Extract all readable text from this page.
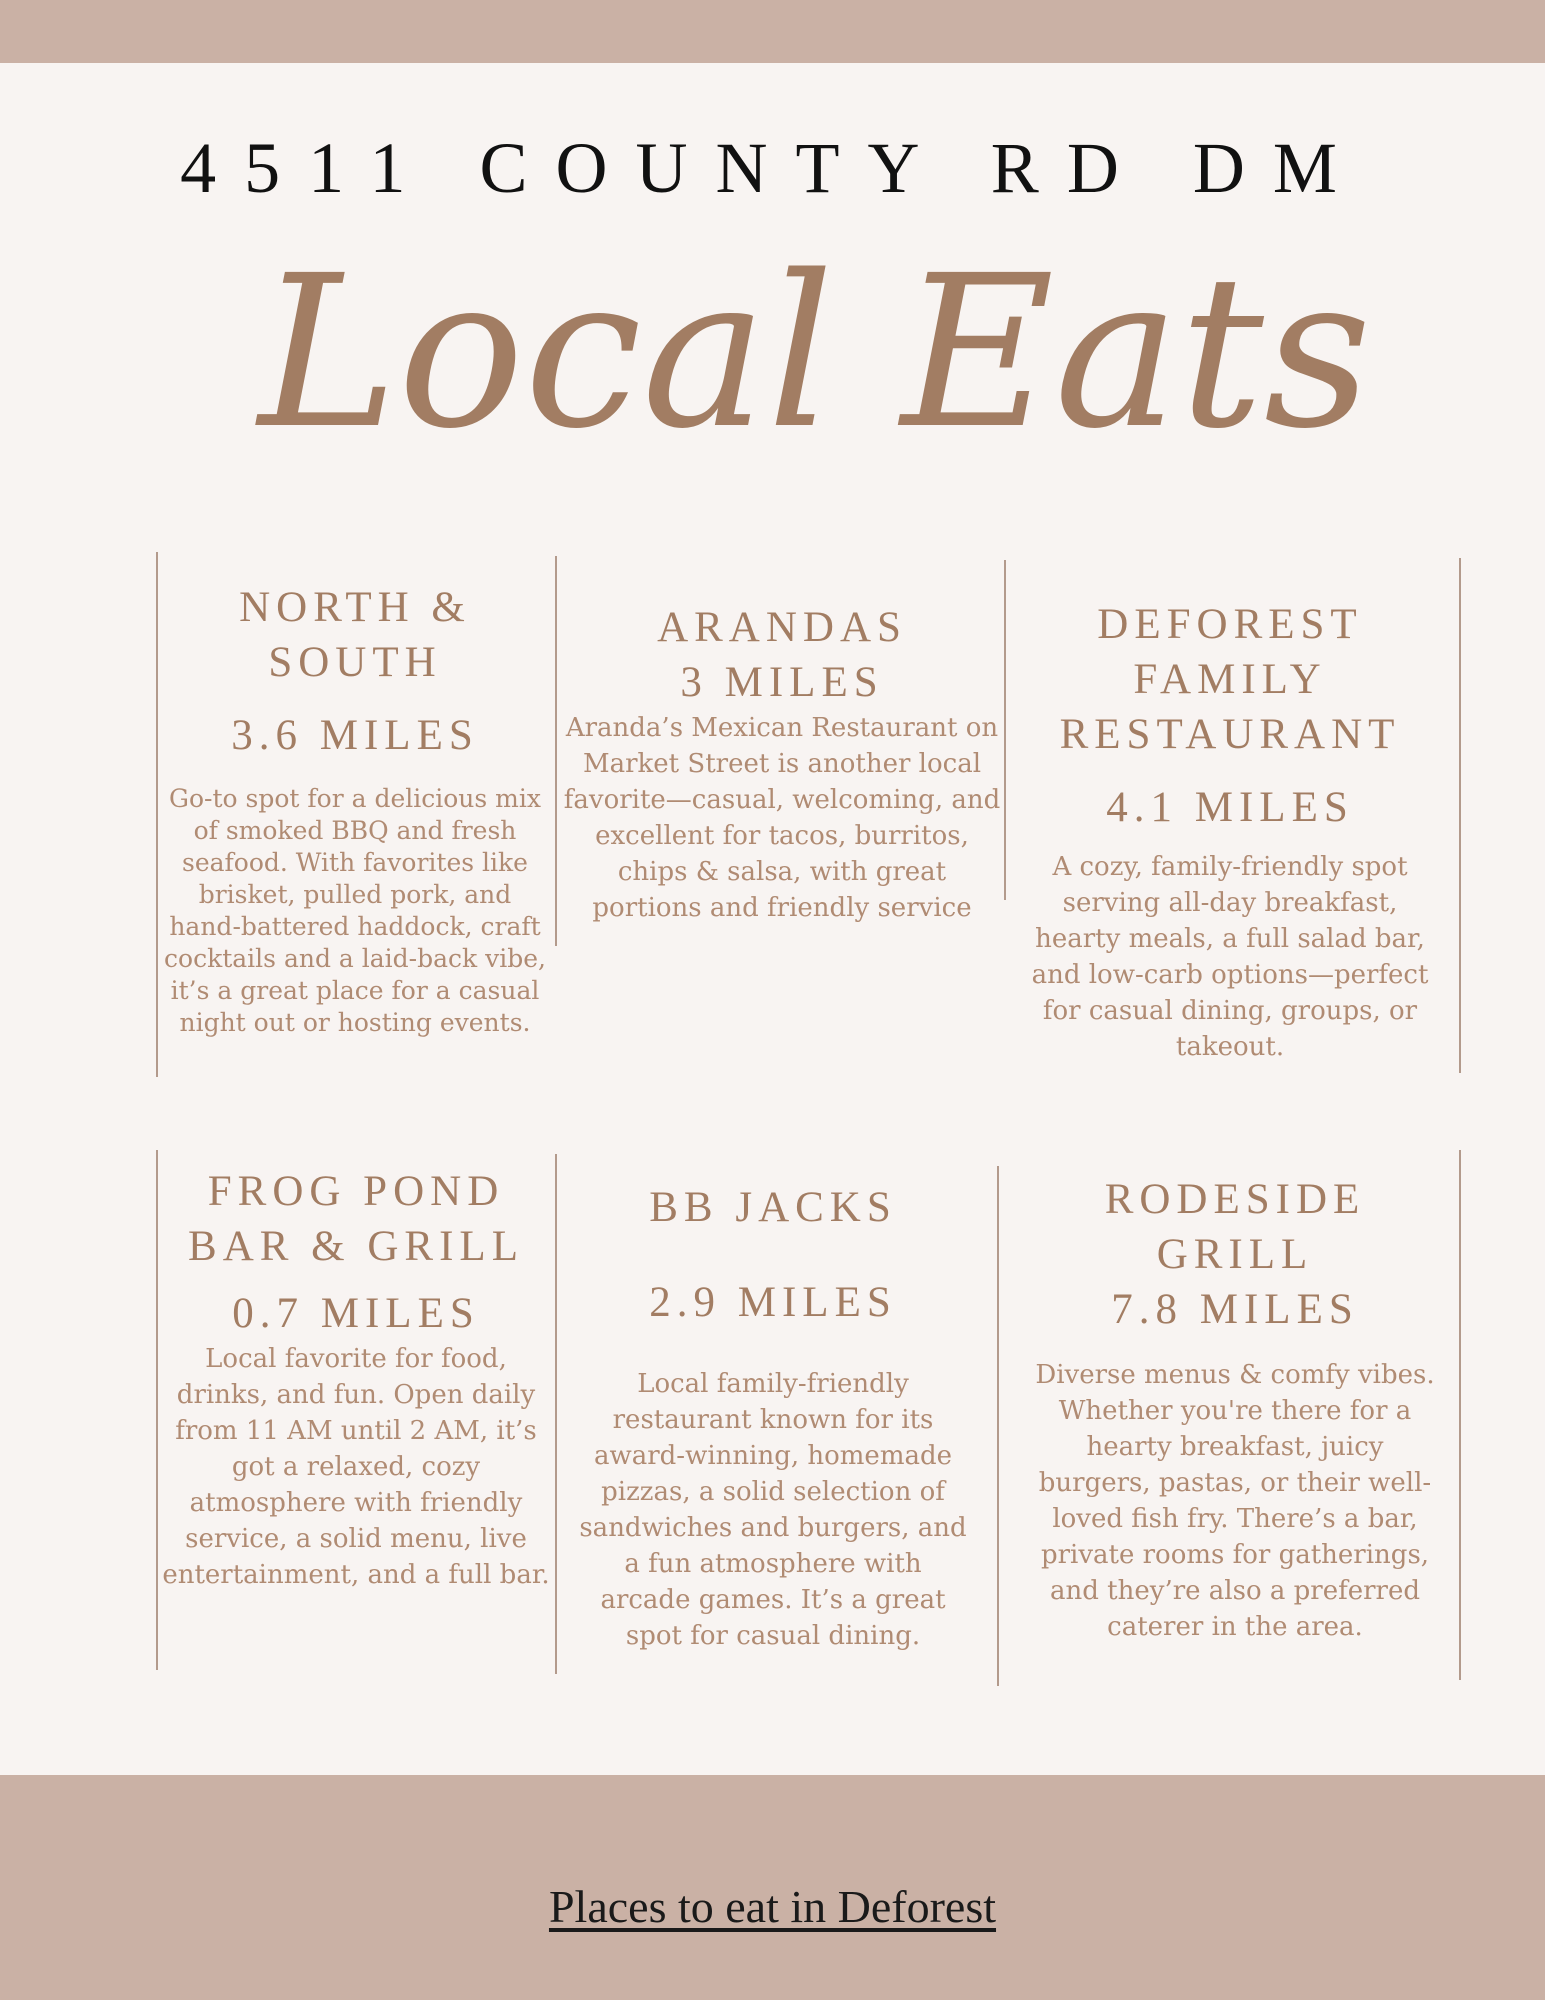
4511 COUNTY RD DM
Local Eats
NORTH & SOUTH
3.6 MILES
Go-to spot for a delicious mix of smoked BBQ and fresh seafood. With favorites like brisket, pulled pork, and hand-battered haddock, craft cocktails and a laid-back vibe, it’s a great place for a casual night out or hosting events.
ARANDAS
3 MILES
Aranda’s Mexican Restaurant on Market Street is another local favorite—casual, welcoming, and excellent for tacos, burritos, chips & salsa, with great portions and friendly service
DEFOREST FAMILY RESTAURANT
4.1 MILES
A cozy, family-friendly spot serving all-day breakfast, hearty meals, a full salad bar, and low-carb options—perfect for casual dining, groups, or takeout.
FROG POND BAR & GRILL
0.7 MILES
Local favorite for food, drinks, and fun. Open daily from 11 AM until 2 AM, it’s got a relaxed, cozy atmosphere with friendly service, a solid menu, live entertainment, and a full bar.
BB JACKS
2.9 MILES
Local family-friendly restaurant known for its award-winning, homemade pizzas, a solid selection of sandwiches and burgers, and a fun atmosphere with arcade games. It’s a great spot for casual dining.
RODESIDE GRILL
7.8 MILES
Diverse menus & comfy vibes. Whether you're there for a hearty breakfast, juicy burgers, pastas, or their well-loved fish fry. There’s a bar, private rooms for gatherings, and they’re also a preferred caterer in the area.
Places to eat in Deforest
